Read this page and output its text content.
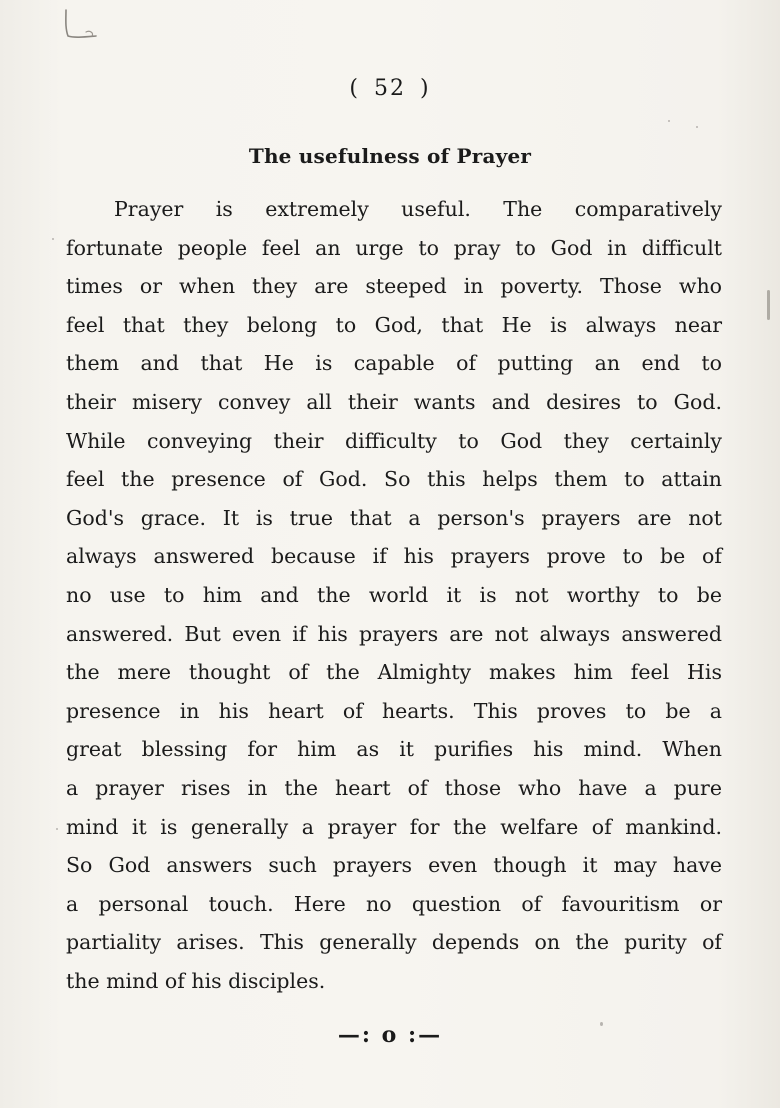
( 52 )
The usefulness of Prayer
Prayer is extremely useful. The comparatively
fortunate people feel an urge to pray to God in difficult
times or when they are steeped in poverty. Those who
feel that they belong to God, that He is always near
them and that He is capable of putting an end to
their misery convey all their wants and desires to God.
While conveying their difficulty to God they certainly
feel the presence of God. So this helps them to attain
God's grace. It is true that a person's prayers are not
always answered because if his prayers prove to be of
no use to him and the world it is not worthy to be
answered. But even if his prayers are not always answered
the mere thought of the Almighty makes him feel His
presence in his heart of hearts. This proves to be a
great blessing for him as it purifies his mind. When
a prayer rises in the heart of those who have a pure
mind it is generally a prayer for the welfare of mankind.
So God answers such prayers even though it may have
a personal touch. Here no question of favouritism or
partiality arises. This generally depends on the purity of
the mind of his disciples.
—: o :—
